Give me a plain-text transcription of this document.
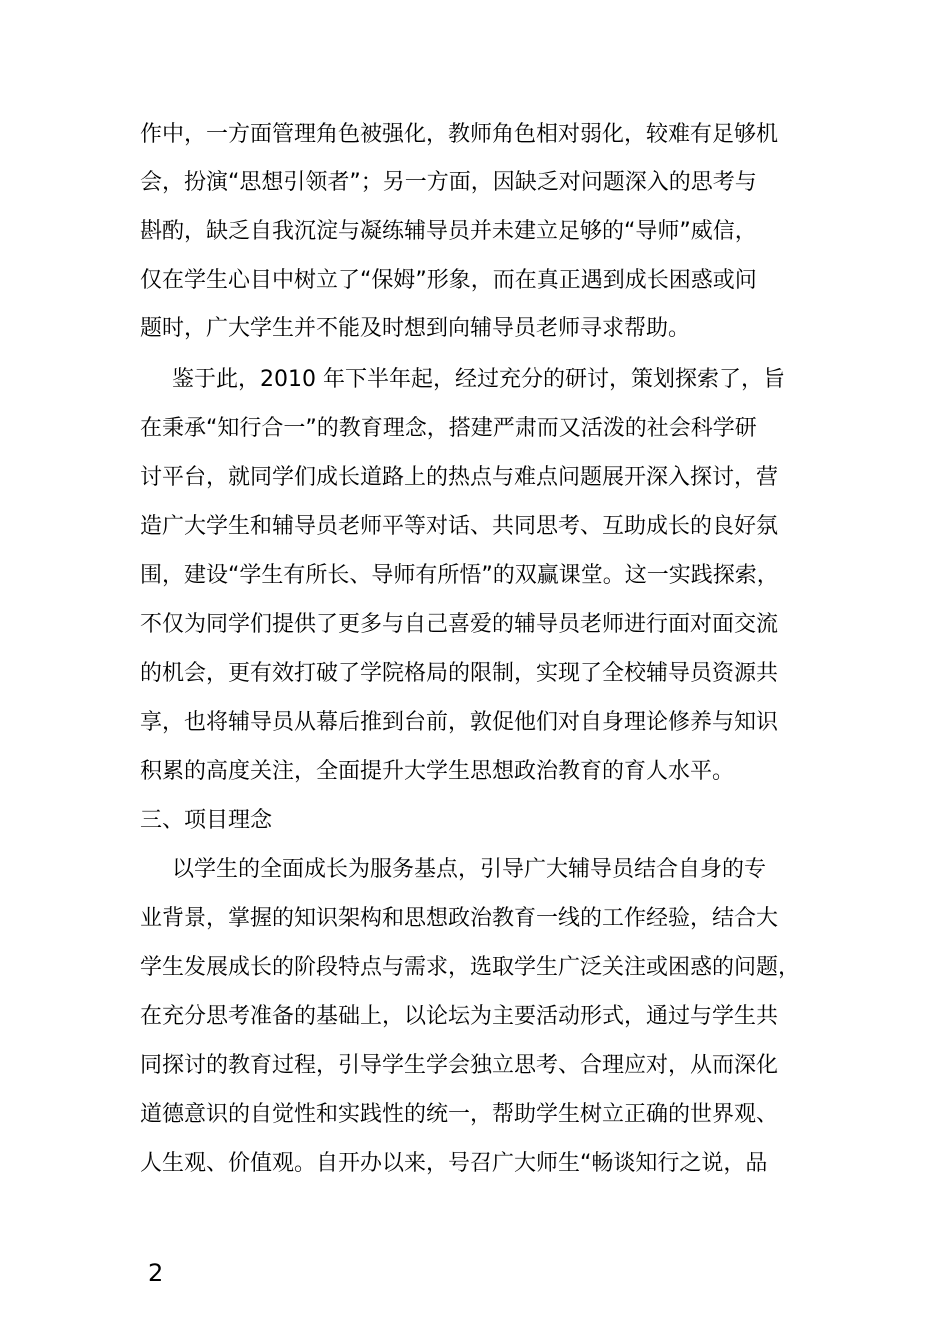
作中，一方面管理角色被强化，教师角色相对弱化，较难有足够机
会，扮演“思想引领者”；另一方面，因缺乏对问题深入的思考与
斟酌，缺乏自我沉淀与凝练辅导员并未建立足够的“导师”威信，
仅在学生心目中树立了“保姆”形象，而在真正遇到成长困惑或问
题时，广大学生并不能及时想到向辅导员老师寻求帮助。
鉴于此，2010 年下半年起，经过充分的研讨，策划探索了，旨
在秉承“知行合一”的教育理念，搭建严肃而又活泼的社会科学研
讨平台，就同学们成长道路上的热点与难点问题展开深入探讨，营
造广大学生和辅导员老师平等对话、共同思考、互助成长的良好氛
围，建设“学生有所长、导师有所悟”的双赢课堂。这一实践探索，
不仅为同学们提供了更多与自己喜爱的辅导员老师进行面对面交流
的机会，更有效打破了学院格局的限制，实现了全校辅导员资源共
享，也将辅导员从幕后推到台前，敦促他们对自身理论修养与知识
积累的高度关注，全面提升大学生思想政治教育的育人水平。
三、项目理念
以学生的全面成长为服务基点，引导广大辅导员结合自身的专
业背景，掌握的知识架构和思想政治教育一线的工作经验，结合大
学生发展成长的阶段特点与需求，选取学生广泛关注或困惑的问题，
在充分思考准备的基础上，以论坛为主要活动形式，通过与学生共
同探讨的教育过程，引导学生学会独立思考、合理应对，从而深化
道德意识的自觉性和实践性的统一，帮助学生树立正确的世界观、
人生观、价值观。自开办以来，号召广大师生“畅谈知行之说，品
2
